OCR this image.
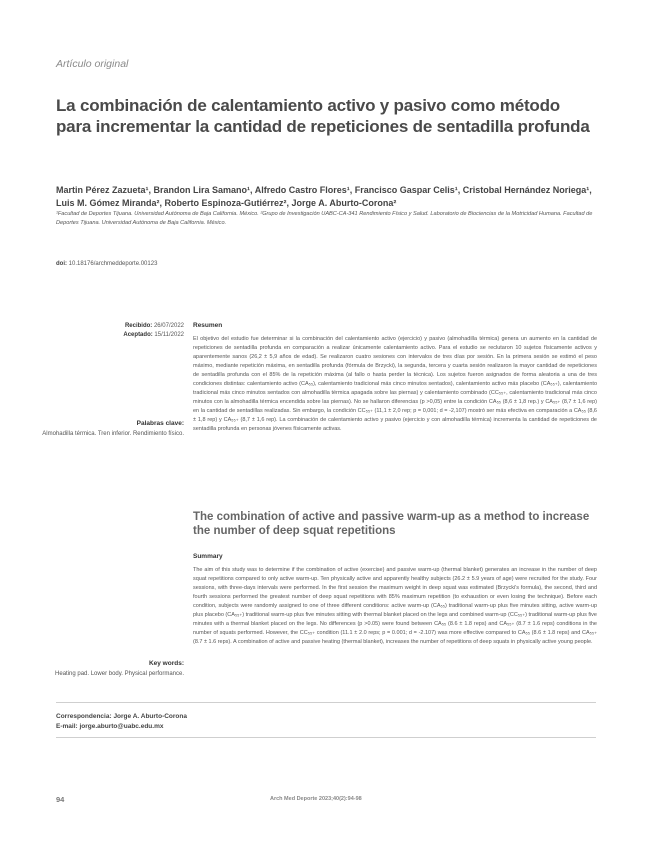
Artículo original
La combinación de calentamiento activo y pasivo como método para incrementar la cantidad de repeticiones de sentadilla profunda
Martin Pérez Zazueta¹, Brandon Lira Samano¹, Alfredo Castro Flores¹, Francisco Gaspar Celis¹, Cristobal Hernández Noriega¹, Luis M. Gómez Miranda², Roberto Espinoza-Gutiérrez², Jorge A. Aburto-Corona²
¹Facultad de Deportes Tijuana. Universidad Autónoma de Baja California. México. ²Grupo de Investigación UABC-CA-341 Rendimiento Físico y Salud. Laboratorio de Biociencias de la Motricidad Humana. Facultad de Deportes Tijuana. Universidad Autónoma de Baja California. México.
doi: 10.18176/archmeddeporte.00123
Recibido: 26/07/2022
Aceptado: 15/11/2022
Resumen
El objetivo del estudio fue determinar si la combinación del calentamiento activo (ejercicio) y pasivo (almohadilla térmica) genera un aumento en la cantidad de repeticiones de sentadilla profunda en comparación a realizar únicamente calentamiento activo. Para el estudio se reclutaron 10 sujetos físicamente activos y aparentemente sanos (26,2 ± 5,9 años de edad). Se realizaron cuatro sesiones con intervalos de tres días por sesión. En la primera sesión se estimó el peso máximo, mediante repetición máxima, en sentadilla profunda (fórmula de Brzycki), la segunda, tercera y cuarta sesión realizaron la mayor cantidad de repeticiones de sentadilla profunda con el 85% de la repetición máxima (al fallo o hasta perder la técnica). Los sujetos fueron asignados de forma aleatoria a una de tres condiciones distintas: calentamiento activo (CA₅₅), calentamiento tradicional más cinco minutos sentados), calentamiento activo más placebo (CA₅₅₊), calentamiento tradicional más cinco minutos sentados con almohadilla térmica apagada sobre las piernas) y calentamiento combinado (CC₅₅₊, calentamiento tradicional más cinco minutos con la almohadilla térmica encendida sobre las piernas). No se hallaron diferencias (p >0,05) entre la condición CA₅₅ (8,6 ± 1,8 rep.) y CA₅₅₊ (8,7 ± 1,6 rep) en la cantidad de sentadillas realizadas. Sin embargo, la condición CC₅₅₊ (11,1 ± 2,0 rep; p = 0,001; d = -2,107) mostró ser más efectiva en comparación a CA₅₅ (8,6 ± 1,8 rep) y CA₅₅₊ (8,7 ± 1,6 rep). La combinación de calentamiento activo y pasivo (ejercicio y con almohadilla térmica) incrementa la cantidad de repeticiones de sentadilla profunda en personas jóvenes físicamente activas.
Palabras clave:
Almohadilla térmica. Tren inferior. Rendimiento físico.
The combination of active and passive warm-up as a method to increase the number of deep squat repetitions
Summary
The aim of this study was to determine if the combination of active (exercise) and passive warm-up (thermal blanket) generates an increase in the number of deep squat repetitions compared to only active warm-up. Ten physically active and apparently healthy subjects (26.2 ± 5.9 years of age) were recruited for the study. Four sessions, with three-days intervals were performed. In the first session the maximum weight in deep squat was estimated (Brzycki's formula), the second, third and fourth sessions performed the greatest number of deep squat repetitions with 85% maximum repetition (to exhaustion or even losing the technique). Before each condition, subjects were randomly assigned to one of three different conditions: active warm-up (CA₅₅) traditional warm-up plus five minutes sitting, active warm-up plus placebo (CA₅₅₊) traditional warm-up plus five minutes sitting with thermal blanket placed on the legs and combined warm-up (CC₅₅₊) traditional warm-up plus five minutes with a thermal blanket placed on the legs. No differences (p >0.05) were found between CA₅₅ (8.6 ± 1.8 reps) and CA₅₅₊ (8.7 ± 1.6 reps) conditions in the number of squats performed. However, the CC₅₅₊ condition (11.1 ± 2.0 reps; p = 0.001; d = -2.107) was more effective compared to CA₅₅ (8.6 ± 1.8 reps) and CA₅₅₊ (8.7 ± 1.6 reps). A combination of active and passive heating (thermal blanket), increases the number of repetitions of deep squats in physically active young people.
Key words:
Heating pad. Lower body. Physical performance.
Correspondencia: Jorge A. Aburto-Corona
E-mail: jorge.aburto@uabc.edu.mx
94	Arch Med Deporte 2023;40(2):94-98
